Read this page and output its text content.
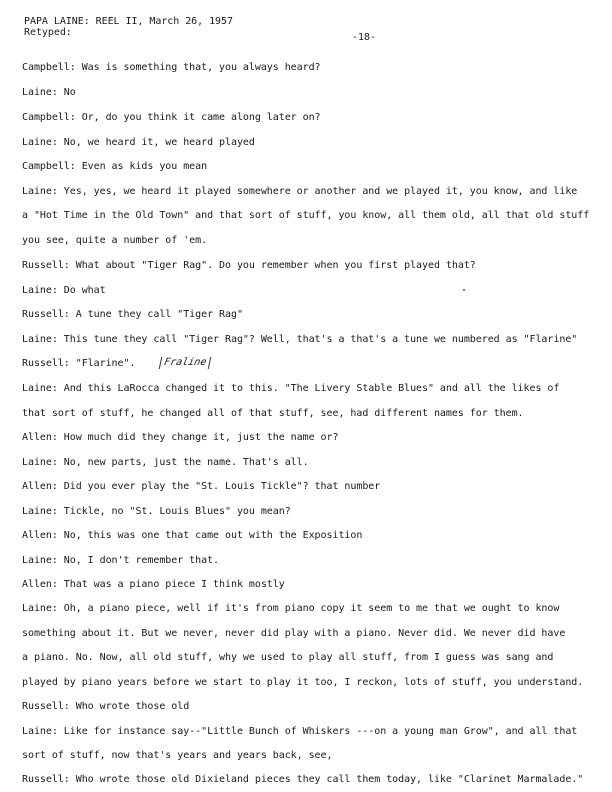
PAPA LAINE: REEL II, March 26, 1957
Retyped:	-18-
Campbell: Was is something that, you always heard?
Laine: No
Campbell: Or, do you think it came along later on?
Laine: No, we heard it, we heard played
Campbell: Even as kids you mean
Laine: Yes, yes, we heard it played somewhere or another and we played it, you know, and like
a "Hot Time in the Old Town" and that sort of stuff, you know, all them old, all that old stuff
you see, quite a number of 'em.
Russell: What about "Tiger Rag". Do you remember when you first played that?
Laine: Do what
Russell: A tune they call "Tiger Rag"
Laine: This tune they call "Tiger Rag"? Well, that's a that's a tune we numbered as "Flarine"
Russell: "Flarine".
Laine: And this LaRocca changed it to this. "The Livery Stable Blues" and all the likes of
that sort of stuff, he changed all of that stuff, see, had different names for them.
Allen: How much did they change it, just the name or?
Laine: No, new parts, just the name. That's all.
Allen: Did you ever play the "St. Louis Tickle"? that number
Laine: Tickle, no "St. Louis Blues" you mean?
Allen: No, this was one that came out with the Exposition
Laine: No, I don't remember that.
Allen: That was a piano piece I think mostly
Laine: Oh, a piano piece, well if it's from piano copy it seem to me that we ought to know
something about it. But we never, never did play with a piano. Never did. We never did have
a piano. No. Now, all old stuff, why we used to play all stuff, from I guess was sang and
played by piano years before we start to play it too, I reckon, lots of stuff, you understand.
Russell: Who wrote those old
Laine: Like for instance say--"Little Bunch of Whiskers ---on a young man Grow", and all that
sort of stuff, now that's years and years back, see,
Russell: Who wrote those old Dixieland pieces they call them today, like "Clarinet Marmalade."
Fraline
